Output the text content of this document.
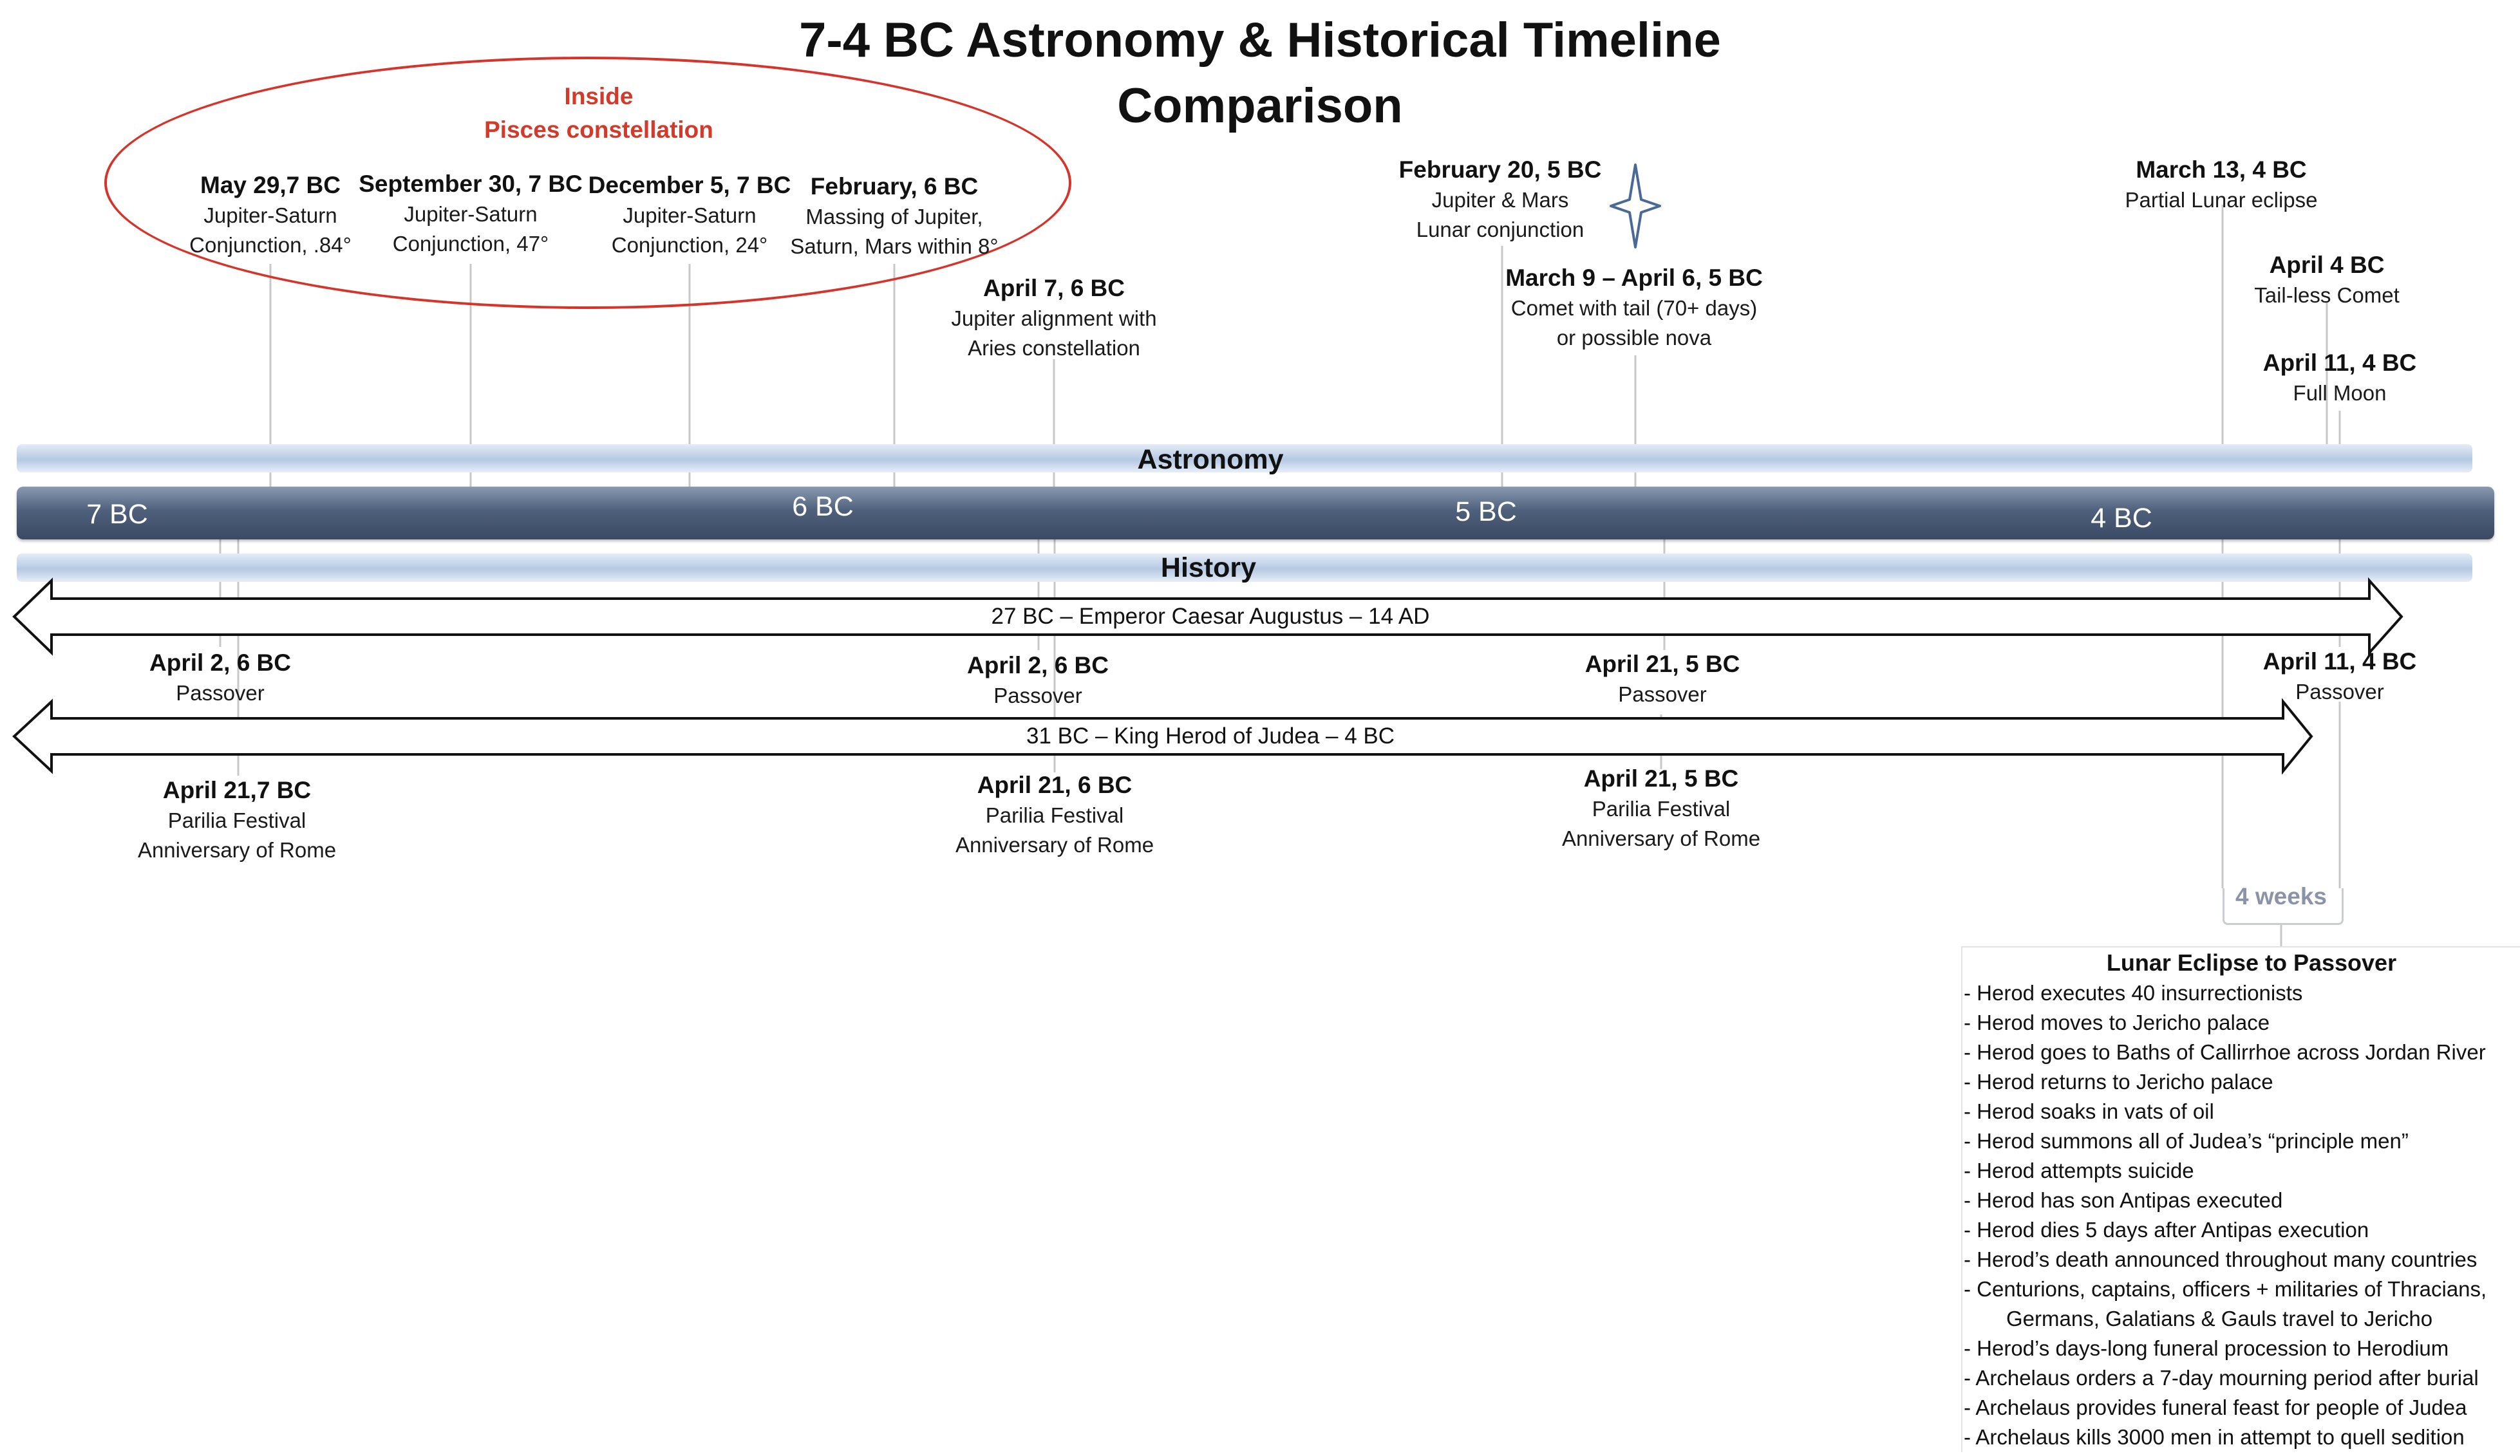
7-4 BC Astronomy & Historical Timeline
Comparison
Inside
Pisces constellation
May 29,7 BC
Jupiter-Saturn
Conjunction, .84°
September 30, 7 BC
Jupiter-Saturn
Conjunction, 47°
December 5, 7 BC
Jupiter-Saturn
Conjunction, 24°
February, 6 BC
Massing of Jupiter,
Saturn, Mars within 8°
April 7, 6 BC
Jupiter alignment with
Aries constellation
February 20, 5 BC
Jupiter & Mars
Lunar conjunction
March 9 – April 6, 5 BC
Comet with tail (70+ days)
or possible nova
March 13, 4 BC
Partial Lunar eclipse
April 4 BC
Tail-less Comet
April 11, 4 BC
Full Moon
Astronomy
7 BC	6 BC	5 BC	4 BC
History
27 BC – Emperor Caesar Augustus – 14 AD
31 BC – King Herod of Judea – 4 BC
April 2, 6 BC
Passover
April 2, 6 BC
Passover
April 21, 5 BC
Passover
April 11, 4 BC
Passover
April 21,7 BC
Parilia Festival
Anniversary of Rome
April 21, 6 BC
Parilia Festival
Anniversary of Rome
April 21, 5 BC
Parilia Festival
Anniversary of Rome
4 weeks
Lunar Eclipse to Passover
- Herod executes 40 insurrectionists
- Herod moves to Jericho palace
- Herod goes to Baths of Callirrhoe across Jordan River
- Herod returns to Jericho palace
- Herod soaks in vats of oil
- Herod summons all of Judea’s “principle men”
- Herod attempts suicide
- Herod has son Antipas executed
- Herod dies 5 days after Antipas execution
- Herod’s death announced throughout many countries
- Centurions, captains, officers + militaries of Thracians,
Germans, Galatians & Gauls travel to Jericho
- Herod’s days-long funeral procession to Herodium
- Archelaus orders a 7-day mourning period after burial
- Archelaus provides funeral feast for people of Judea
- Archelaus kills 3000 men in attempt to quell sedition
